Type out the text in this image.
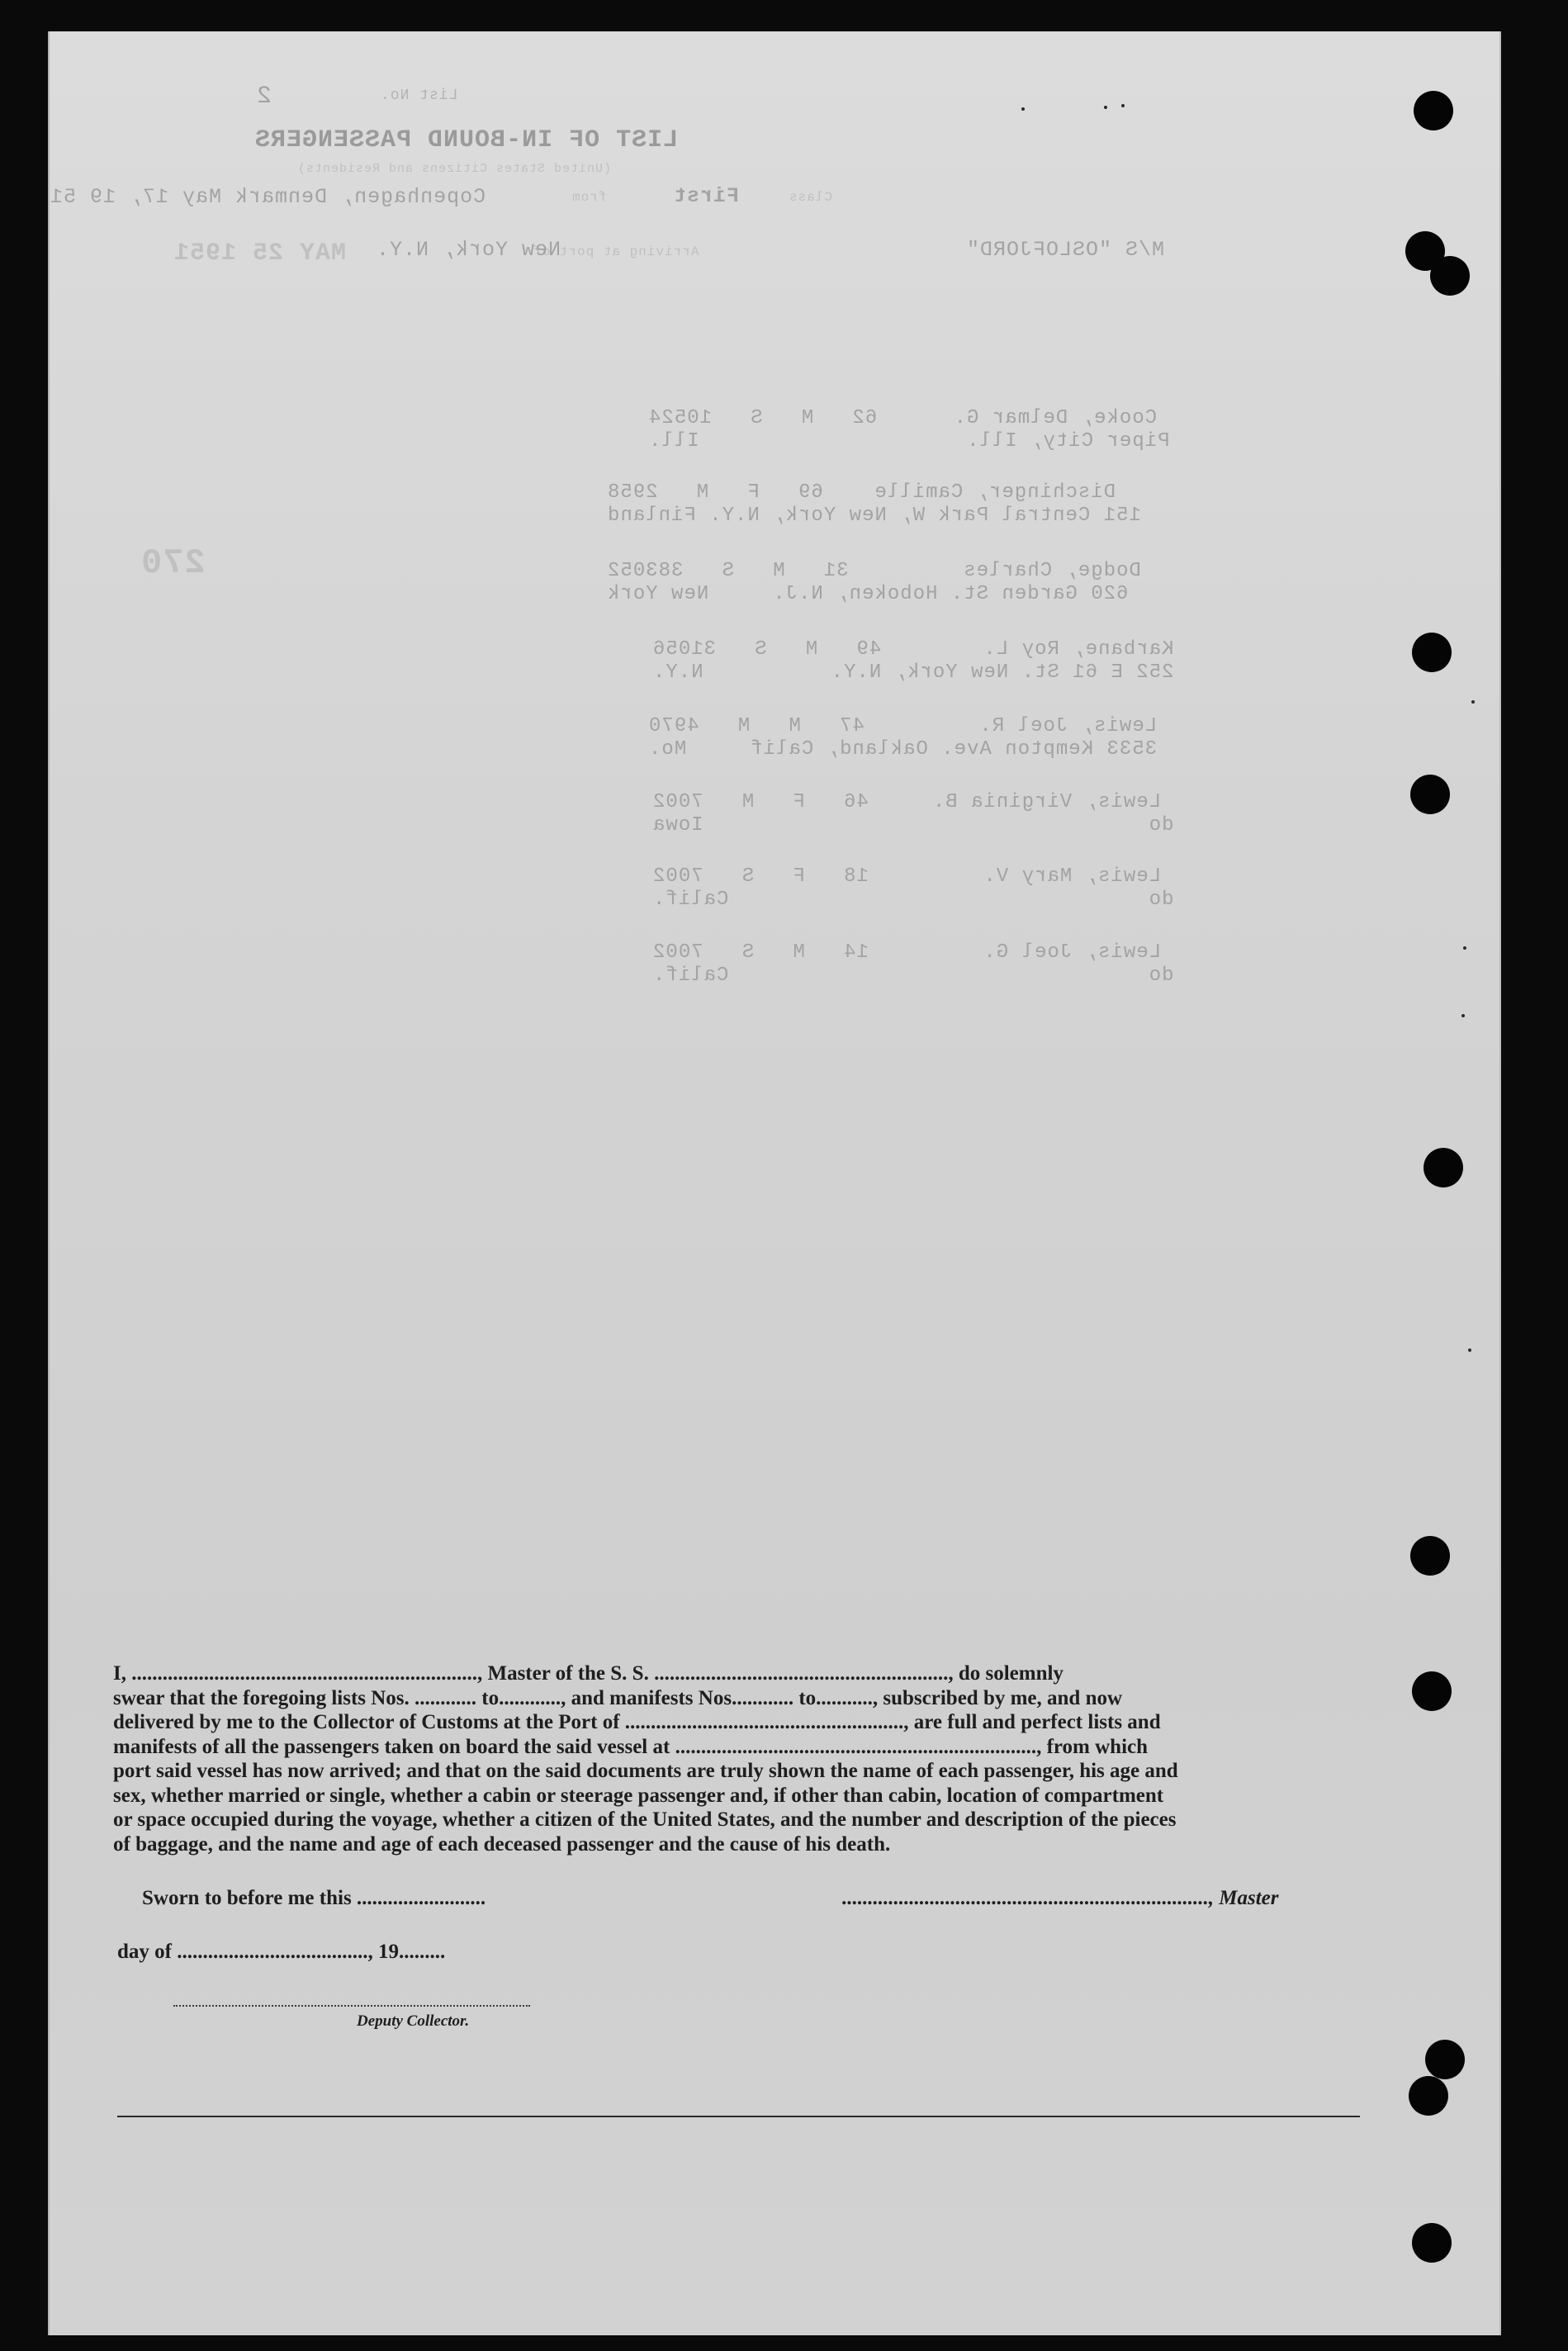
2	List No.
LIST OF IN-BOUND PASSENGERS
(United States Citizens and Residents)
Class
First
from
Copenhagen, Denmark May 17, 19 51
Arriving at port of
New York, N.Y.
MAY 25 1951	M/S "OSLOFJORD"
270
Cooke, Delmar G.      62   M   S   10524
Piper City, Ill.                     Ill.
Dischinger, Camille    69   F   M   2958
151 Central Park W, New York, N.Y. Finland
Dodge, Charles         31   M   S   383052
620 Garden St. Hoboken, N.J.     New York
Karbane, Roy L.        49   M   S   31056
252 E 61 St. New York, N.Y.          N.Y.
Lewis, Joel R.         47   M   M   4970
3533 Kempton Ave. Oakland, Calif     Mo.
Lewis, Virginia B.     46   F   M   7002
do                                   Iowa
Lewis, Mary V.         18   F   S   7002
do                                 Calif.
Lewis, Joel G.         14   M   S   7002
do                                 Calif.
I, ..................................................................., Master of the S. S. ........................................................., do solemnly
swear that the foregoing lists Nos. ............ to............, and manifests Nos............ to..........., subscribed by me, and now
delivered by me to the Collector of Customs at the Port of ......................................................, are full and perfect lists and
manifests of all the passengers taken on board the said vessel at ......................................................................, from which
port said vessel has now arrived; and that on the said documents are truly shown the name of each passenger, his age and
sex, whether married or single, whether a cabin or steerage passenger and, if other than cabin, location of compartment
or space occupied during the voyage, whether a citizen of the United States, and the number and description of the pieces
of baggage, and the name and age of each deceased passenger and the cause of his death.
Sworn to before me this .........................	......................................................................., Master
day of ....................................., 19.........
Deputy Collector.
